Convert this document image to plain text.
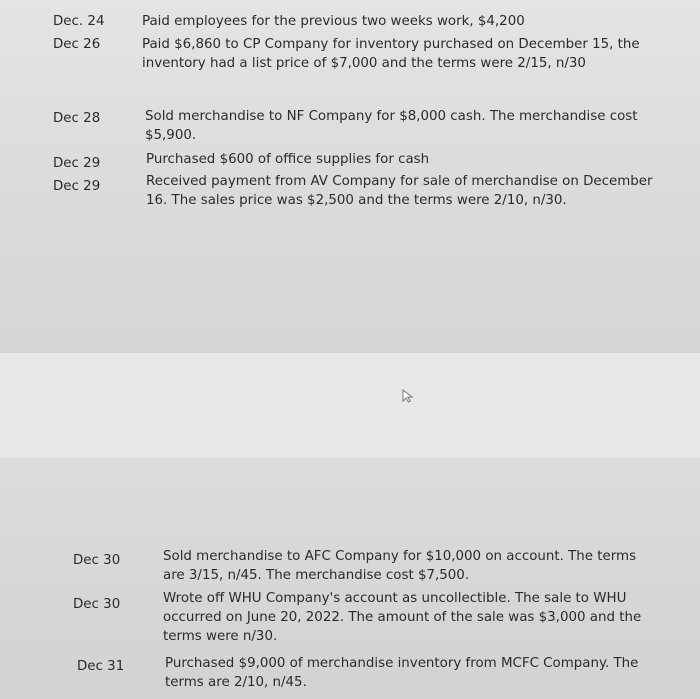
Dec. 24	Paid employees for the previous two weeks work, $4,200
Dec 26	Paid $6,860 to CP Company for inventory purchased on December 15, the inventory had a list price of $7,000 and the terms were 2/15, n/30
Dec 28	Sold merchandise to NF Company for $8,000 cash. The merchandise cost $5,900.
Dec 29	Purchased $600 of office supplies for cash
Dec 29	Received payment from AV Company for sale of merchandise on December 16. The sales price was $2,500 and the terms were 2/10, n/30.
Dec 30	Sold merchandise to AFC Company for $10,000 on account. The terms are 3/15, n/45. The merchandise cost $7,500.
Dec 30	Wrote off WHU Company's account as uncollectible. The sale to WHU occurred on June 20, 2022. The amount of the sale was $3,000 and the terms were n/30.
Dec 31	Purchased $9,000 of merchandise inventory from MCFC Company. The terms are 2/10, n/45.
